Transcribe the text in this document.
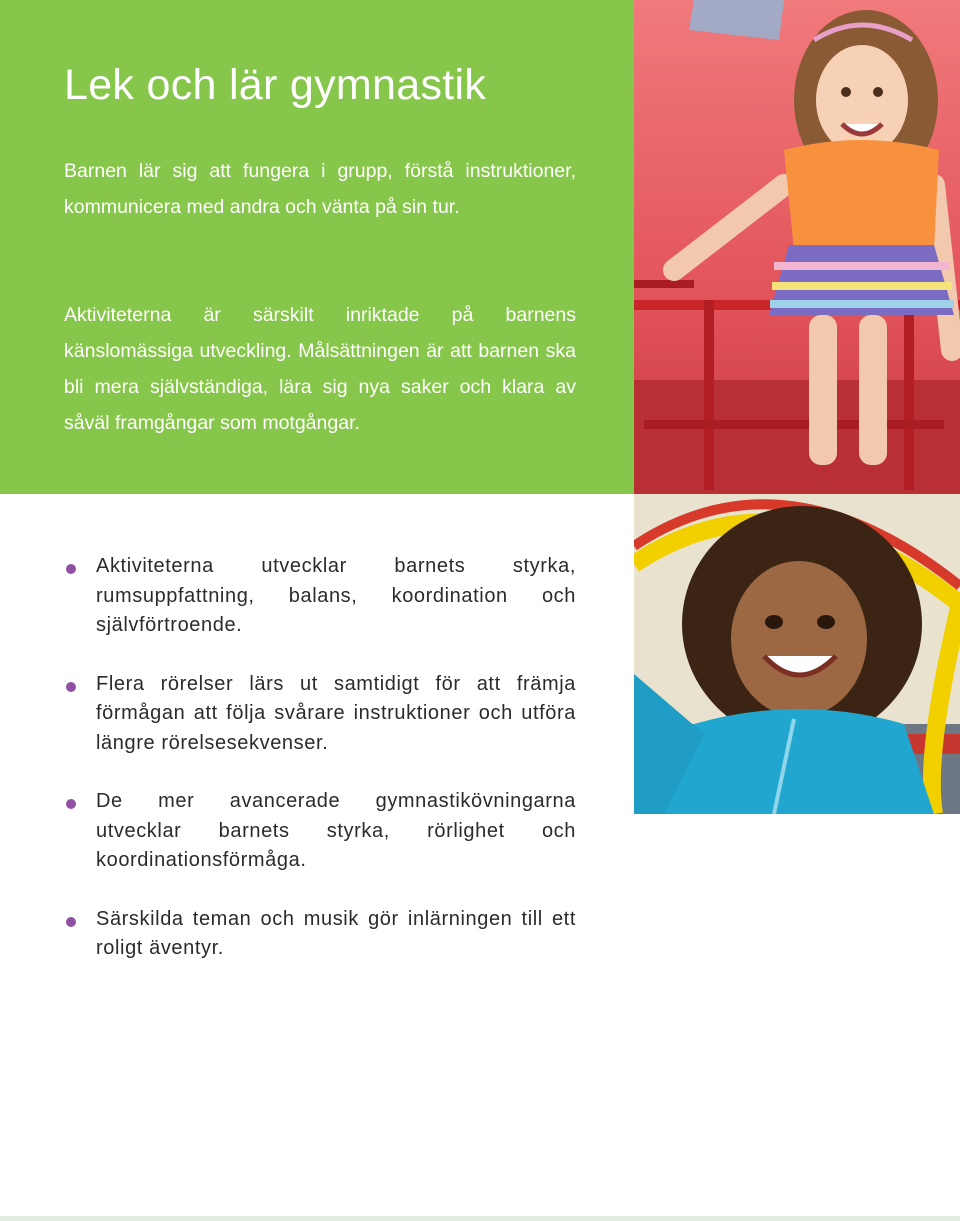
Lek och lär gymnastik

Barnen lär sig att fungera i grupp, förstå instruktioner, kommunicera med andra och vänta på sin tur.

Aktiviteterna är särskilt inriktade på barnens känslomässiga utveckling. Målsättningen är att barnen ska bli mera självständiga, lära sig nya saker och klara av såväl framgångar som motgångar.

Aktiviteterna utvecklar barnets styrka, rumsuppfattning, balans, koordination och självförtroende.
Flera rörelser lärs ut samtidigt för att främja förmågan att följa svårare instruktioner och utföra längre rörelsesekvenser.
De mer avancerade gymnastikövningarna utvecklar barnets styrka, rörlighet och koordinationsförmåga.
Särskilda teman och musik gör inlärningen till ett roligt äventyr.
